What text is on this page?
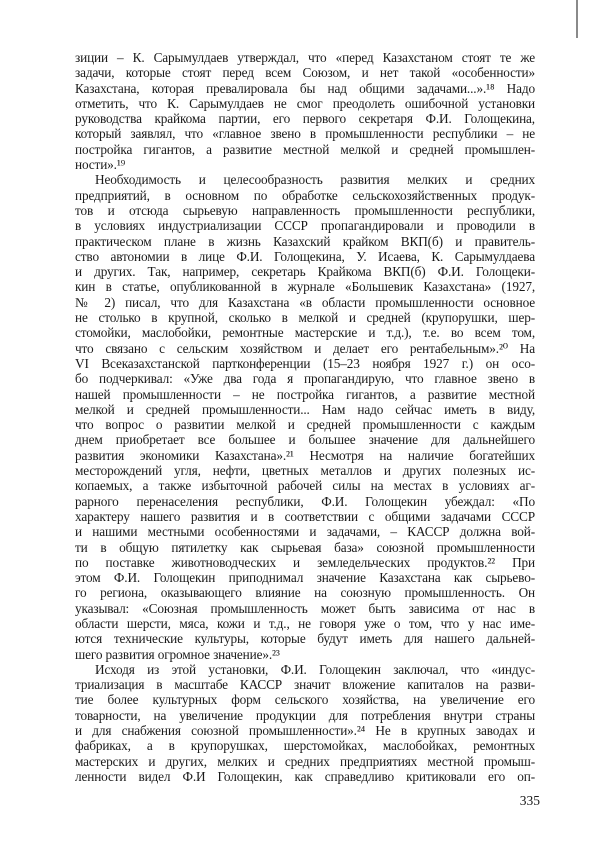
зиции – К. Сарымулдаев утверждал, что «перед Казахстаном стоят те же
задачи, которые стоят перед всем Союзом, и нет такой «особенности»
Казахстана, которая превалировала бы над общими задачами...».¹⁸ Надо
отметить, что К. Сарымулдаев не смог преодолеть ошибочной установки
руководства крайкома партии, его первого секретаря Ф.И. Голощекина,
который заявлял, что «главное звено в промышленности республики – не
постройка гигантов, а развитие местной мелкой и средней промышлен-
ности».¹⁹
Необходимость и целесообразность развития мелких и средних
предприятий, в основном по обработке сельскохозяйственных продук-
тов и отсюда сырьевую направленность промышленности республики,
в условиях индустриализации СССР пропагандировали и проводили в
практическом плане в жизнь Казахский крайком ВКП(б) и правитель-
ство автономии в лице Ф.И. Голощекина, У. Исаева, К. Сарымулдаева
и других. Так, например, секретарь Крайкома ВКП(б) Ф.И. Голощеки-
кин в статье, опубликованной в журнале «Большевик Казахстана» (1927,
№ 2) писал, что для Казахстана «в области промышленности основное
не столько в крупной, сколько в мелкой и средней (крупорушки, шер-
стомойки, маслобойки, ремонтные мастерские и т.д.), т.е. во всем том,
что связано с сельским хозяйством и делает его рентабельным».²⁰ На
VI Всеказахстанской партконференции (15–23 ноября 1927 г.) он осо-
бо подчеркивал: «Уже два года я пропагандирую, что главное звено в
нашей промышленности – не постройка гигантов, а развитие местной
мелкой и средней промышленности... Нам надо сейчас иметь в виду,
что вопрос о развитии мелкой и средней промышленности с каждым
днем приобретает все большее и большее значение для дальнейшего
развития экономики Казахстана».²¹ Несмотря на наличие богатейших
месторождений угля, нефти, цветных металлов и других полезных ис-
копаемых, а также избыточной рабочей силы на местах в условиях аг-
рарного перенаселения республики, Ф.И. Голощекин убеждал: «По
характеру нашего развития и в соответствии с общими задачами СССР
и нашими местными особенностями и задачами, – КАССР должна вой-
ти в общую пятилетку как сырьевая база» союзной промышленности
по поставке животноводческих и земледельческих продуктов.²² При
этом Ф.И. Голощекин приподнимал значение Казахстана как сырьево-
го региона, оказывающего влияние на союзную промышленность. Он
указывал: «Союзная промышленность может быть зависима от нас в
области шерсти, мяса, кожи и т.д., не говоря уже о том, что у нас име-
ются технические культуры, которые будут иметь для нашего дальней-
шего развития огромное значение».²³
Исходя из этой установки, Ф.И. Голощекин заключал, что «индус-
триализация в масштабе КАССР значит вложение капиталов на разви-
тие более культурных форм сельского хозяйства, на увеличение его
товарности, на увеличение продукции для потребления внутри страны
и для снабжения союзной промышленности».²⁴ Не в крупных заводах и
фабриках, а в крупорушках, шерстомойках, маслобойках, ремонтных
мастерских и других, мелких и средних предприятиях местной промыш-
ленности видел Ф.И Голощекин, как справедливо критиковали его оп-
335
